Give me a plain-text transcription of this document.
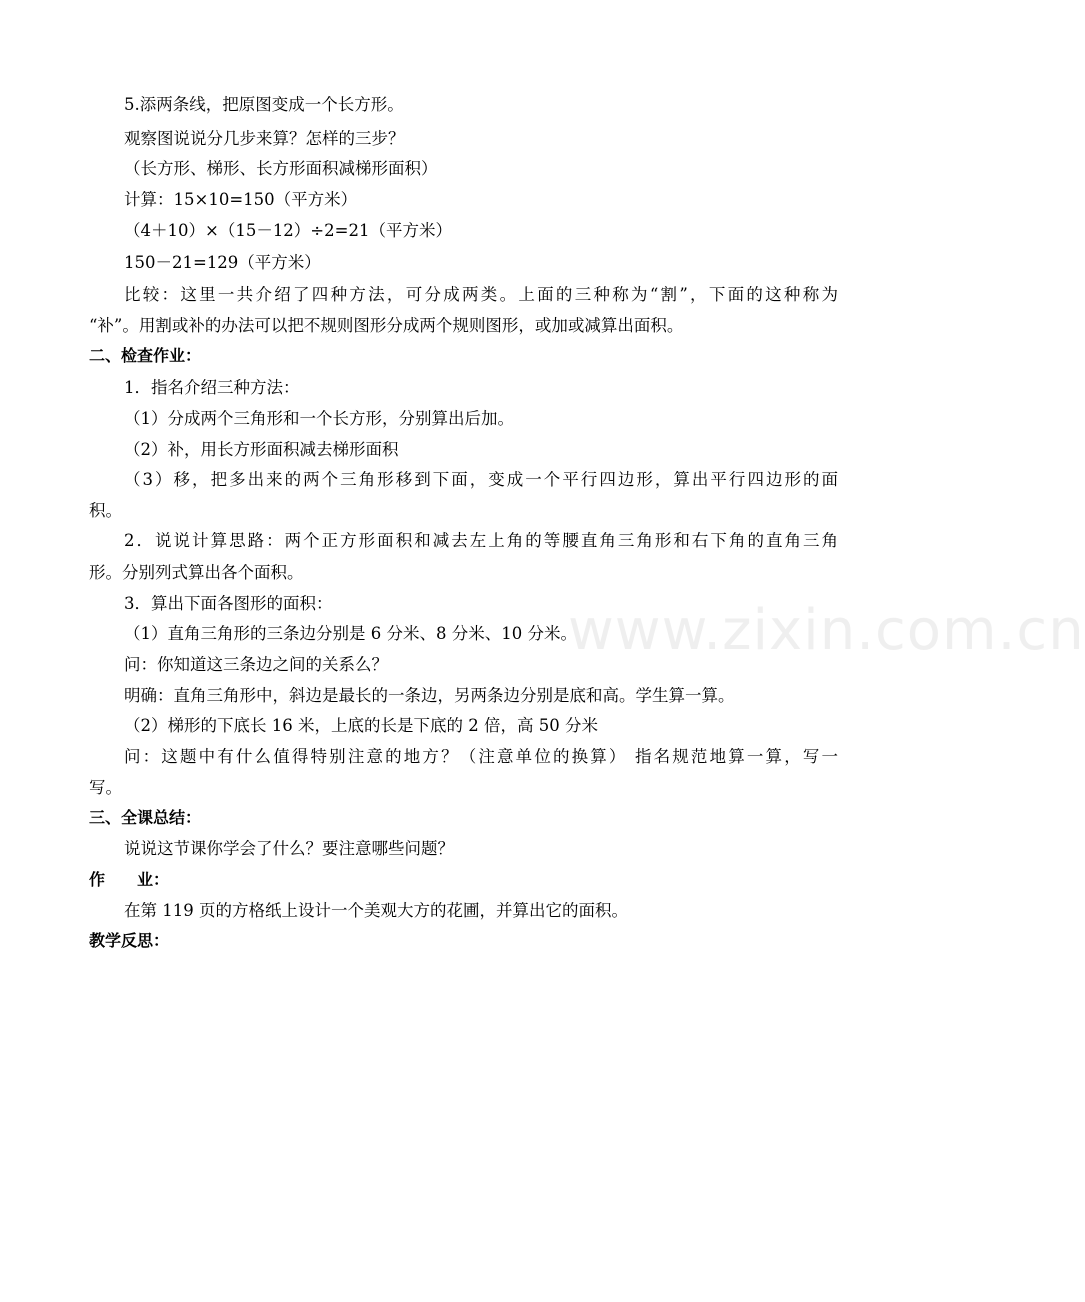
www.zixin.com.cn
5.添两条线，把原图变成一个长方形。
观察图说说分几步来算？怎样的三步？
（长方形、梯形、长方形面积减梯形面积）
计算：15×10=150（平方米）
（4＋10）×（15－12）÷2=21（平方米）
150－21=129（平方米）
比较：这里一共介绍了四种方法，可分成两类。上面的三种称为“割”，下面的这种称为
“补”。用割或补的办法可以把不规则图形分成两个规则图形，或加或减算出面积。
二、检查作业：
1．指名介绍三种方法：
（1）分成两个三角形和一个长方形，分别算出后加。
（2）补，用长方形面积减去梯形面积
（3）移，把多出来的两个三角形移到下面，变成一个平行四边形，算出平行四边形的面
积。
2．说说计算思路：两个正方形面积和减去左上角的等腰直角三角形和右下角的直角三角
形。分别列式算出各个面积。
3．算出下面各图形的面积：
（1）直角三角形的三条边分别是 6 分米、8 分米、10 分米。
问：你知道这三条边之间的关系么？
明确：直角三角形中，斜边是最长的一条边，另两条边分别是底和高。学生算一算。
（2）梯形的下底长 16 米，上底的长是下底的 2 倍，高 50 分米
问：这题中有什么值得特别注意的地方？（注意单位的换算） 指名规范地算一算，写一
写。
三、全课总结：
说说这节课你学会了什么？要注意哪些问题？
作 业：
在第 119 页的方格纸上设计一个美观大方的花圃，并算出它的面积。
教学反思：
